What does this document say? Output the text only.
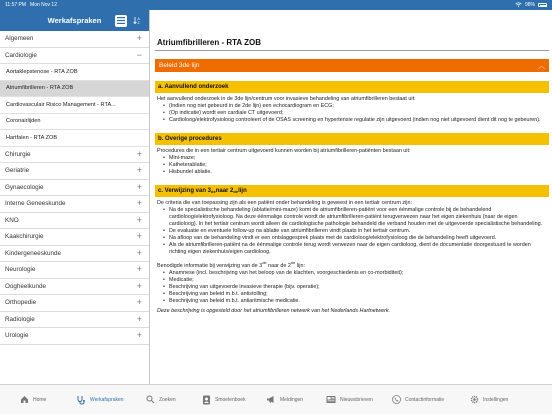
11:57 PM Mon Nov 12	98%
Werkafspraken	A
Z
Algemeen	+
Cardiologie	−
Aortaklepstenose - RTA ZOB
Atriumfibrilleren - RTA ZOB
Cardiovasculair Risico Management - RTA...
Coronairlijden
Hartfalen - RTA ZOB
Chirurgie	+
Geriatrie	+
Gynaecologie	+
Interne Geneeskunde	+
KNO	+
Kaakchirurgie	+
Kindergeneeskunde	+
Neurologie	+
Oogheelkunde	+
Orthopedie	+
Radiologie	+
Urologie	+
Atriumfibrilleren - RTA ZOB
Beleid 3de lijn	︿
a. Aanvullend onderzoek

Het aanvullend onderzoek in de 3de lijn/centrum voor invasieve behandeling van atriumfibrilleren bestaat uit:

• (Indien nog niet gebeurd in de 2de lijn) een echocardiogram en ECG;
• (Op indicatie) wordt een cardiale CT uitgevoerd;
• Cardioloog/elektrofysioloog controleert of de OSAS screening en hypertensie regulatie zijn uitgevoerd (indien nog niet uitgevoerd dient dit nog te gebeuren).
b. Overige procedures

Procedures die in een tertiair centrum uitgevoerd kunnen worden bij atriumfibrilleren-patiënten bestaan uit:

• Mini-maze;
• Katheterablatie;
• Hisbundel ablatie.
c. Verwijzing van 3 de naar 2 de lijn

De criteria die van toepassing zijn als een patiënt onder behandeling is geweest in een tertiair centrum zijn:

• Na de specialistische behandeling (ablatie/mini-maze) komt de atriumfibrilleren-patiënt voor een éénmalige controle bij de behandelend cardioloog/elektrofysioloog. Na deze éénmalige controle wordt de atriumfibrilleren-patiënt terugverwezen naar het eigen ziekenhuis (naar de eigen cardioloog). In het tertiair centrum wordt alleen de cardiologische pathologie behandeld die verband houden met de uitgevoerde specialistische behandeling.
• De evaluatie en eventuele follow-up na ablatie van atriumfibrilleren vindt plaats in het tertiair centrum.
• Na afloop van de behandeling vindt er een ontslaggesprek plaats met de cardioloog/elektrofysioloog die de behandeling heeft uitgevoerd.
• Als de atriumfibrilleren-patiënt na de éénmalige controle terug wordt verwezen naar de eigen cardioloog, dient de documentatie doorgestuurd te worden richting eigen ziekenhuis/eigen cardioloog.

Benodigde informatie bij verwijzing van de 3de naar de 2de lijn:

• Anamnese (incl. beschrijving van het beloop van de klachten, voorgeschiedenis en co-morbiditeit);
• Medicatie;
• Beschrijving van uitgevoerde invasieve therapie (bijv. operatie);
• Beschrijving van beleid m.b.t. antistolling;
• Beschrijving van beleid m.b.t. antiaritmische medicatie.

Deze beschrijving is opgesteld door het atriumfibrilleren netwerk van het Nederlands Hartnetwerk.

Home	Werkafspraken	Zoeken	Smoelenboek	Meldingen	Nieuwsbrieven	Contactinformatie	Instellingen
